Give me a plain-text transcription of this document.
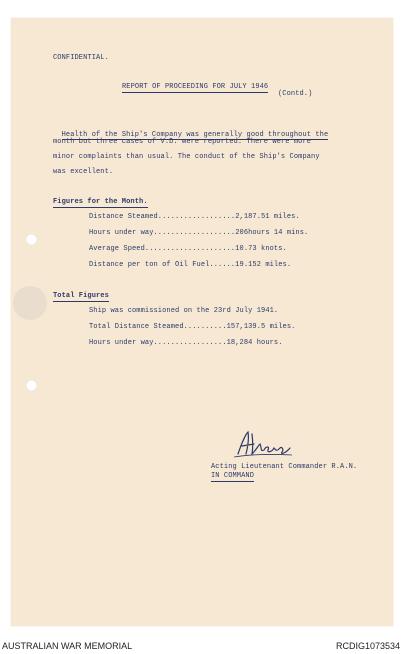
CONFIDENTIAL.
REPORT OF PROCEEDING FOR JULY 1946
(Contd.)

Health of the Ship's Company was generally good throughout the

month but three cases of V.D. were reported. There were more
minor complaints than usual. The conduct of the Ship's Company
was excellent.
Figures for the Month.
Distance Steamed..................2,187.51 miles.
Hours under way...................206hours 14 mins.
Average Speed.....................10.73 knots.
Distance per ton of Oil Fuel......19.152 miles.
Total Figures
Ship was commissioned on the 23rd July 1941.
Total Distance Steamed..........157,139.5 miles.
Hours under way.................18,284 hours.
Acting Lieutenant Commander R.A.N.
IN COMMAND
AUSTRALIAN WAR MEMORIAL	RCDIG1073534
